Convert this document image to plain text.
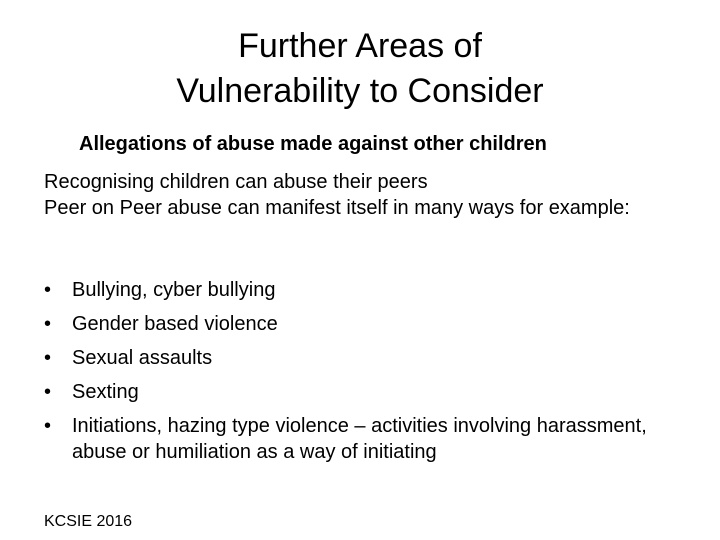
Further Areas of
Vulnerability to Consider
Allegations of abuse made against other children
Recognising children can abuse their peers
Peer on Peer abuse can manifest itself in many ways for example:
•	Bullying, cyber bullying
•	Gender based violence
•	Sexual assaults
•	Sexting
•	Initiations, hazing type violence – activities involving harassment, abuse or humiliation as a way of initiating
KCSIE 2016
